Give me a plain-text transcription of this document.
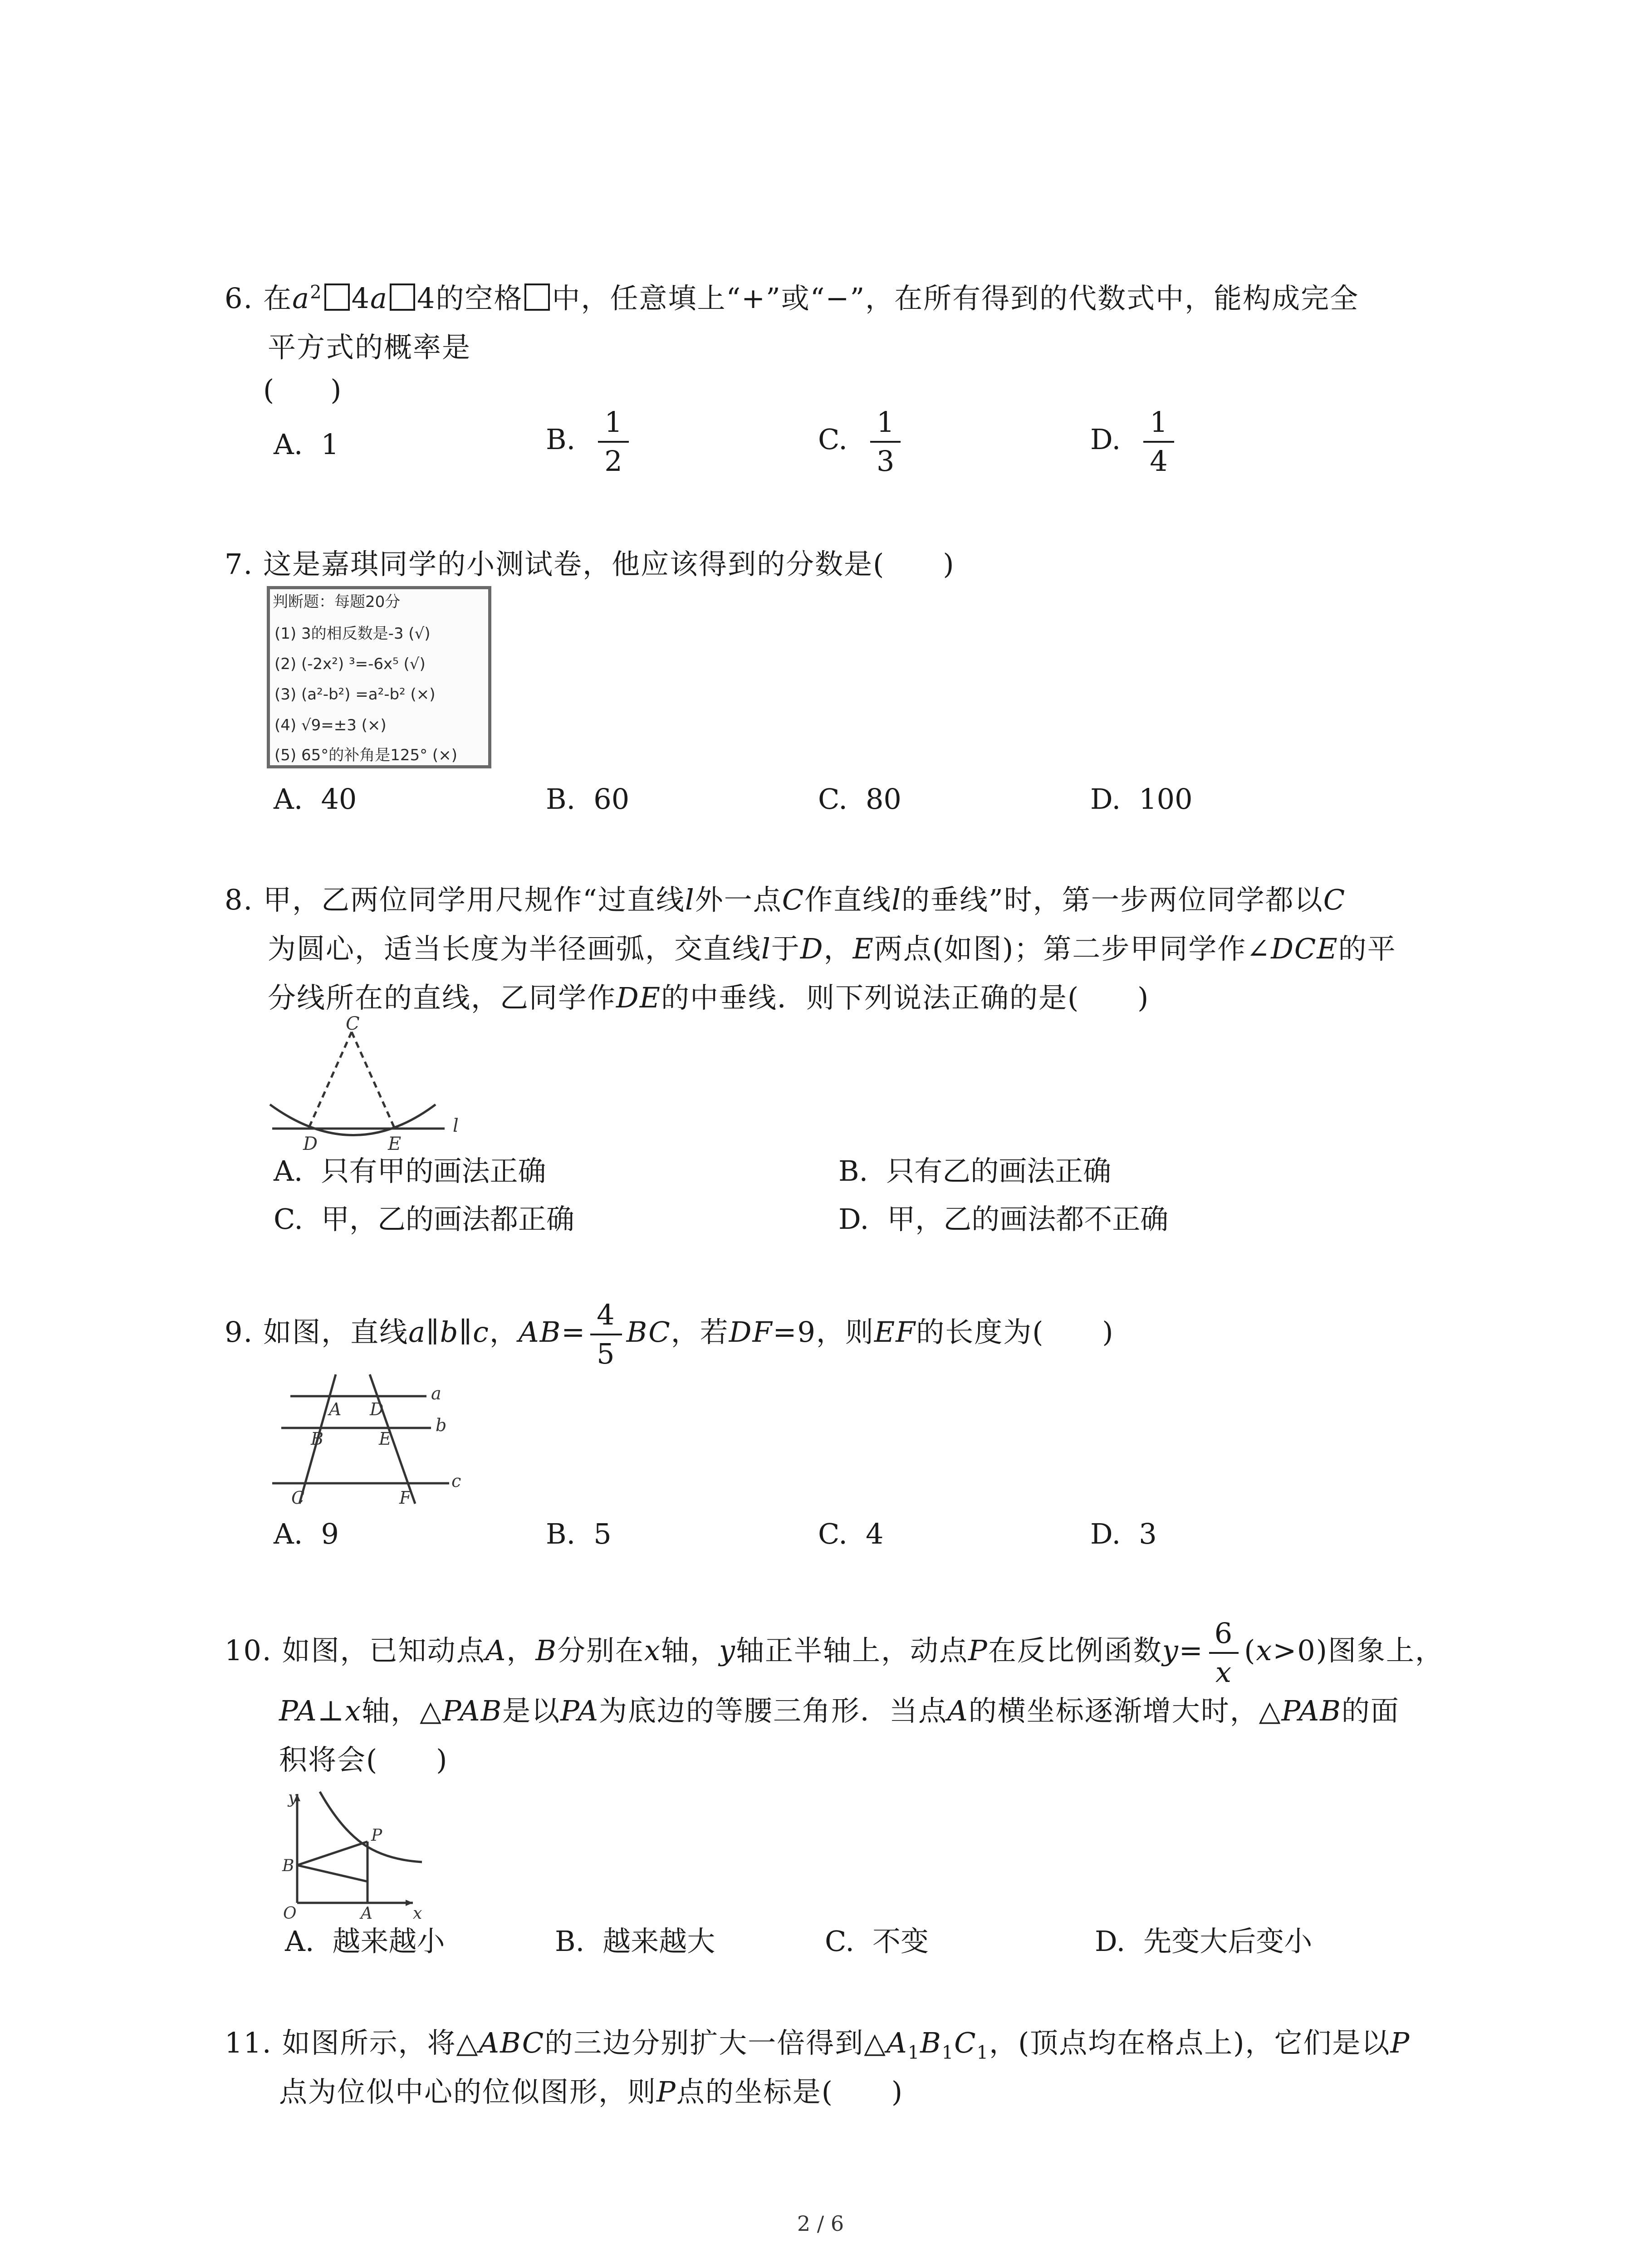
6. 在$a^2$ 4a 4的空格 中，任意填上“+”或“−”，在所有得到的代数式中，能构成完全
平方式的概率是
(　　)
A. 1	B. $\frac{1}{2}$	C. $\frac{1}{3}$	D. $\frac{1}{4}$
7. 这是嘉琪同学的小测试卷，他应该得到的分数是(　　)
判断题：每题20分
(1) 3的相反数是-3 (√)
(2) (-2x²) ³=-6x⁵ (√)
(3) (a²-b²) =a²-b² (×)
(4) √9=±3 (×)
(5) 65°的补角是125° (×)
A. 40	B. 60	C. 80	D. 100
8. 甲，乙两位同学用尺规作“过直线l外一点C作直线l的垂线”时，第一步两位同学都以C
为圆心，适当长度为半径画弧，交直线l于D，E两点(如图)；第二步甲同学作∠DCE的平
分线所在的直线，乙同学作DE的中垂线．则下列说法正确的是(　　)
C
D	E
l
A. 只有甲的画法正确	B. 只有乙的画法正确
C. 甲，乙的画法都正确	D. 甲，乙的画法都不正确
9. 如图，直线a∥b∥c，$AB= \frac{4}{5}$ BC，若DF=9，则EF的长度为(　　)
A D
B	E
C	F
a
b
c
A. 9	B. 5	C. 4	D. 3
10. 如图，已知动点A，B分别在x轴，y轴正半轴上，动点P在反比例函数$y= \frac{6}{x} (x>0)$图象上，
PA⊥x轴，△PAB是以PA为底边的等腰三角形．当点A的横坐标逐渐增大时，△PAB的面
积将会(　　)
y
P
B
O	A x
A. 越来越小	B. 越来越大	C. 不变	D. 先变大后变小
11. 如图所示，将△ABC的三边分别扩大一倍得到$\triangle A_1B_1C_1$，(顶点均在格点上)，它们是以P
点为位似中心的位似图形，则P点的坐标是(　　)
2 / 6
